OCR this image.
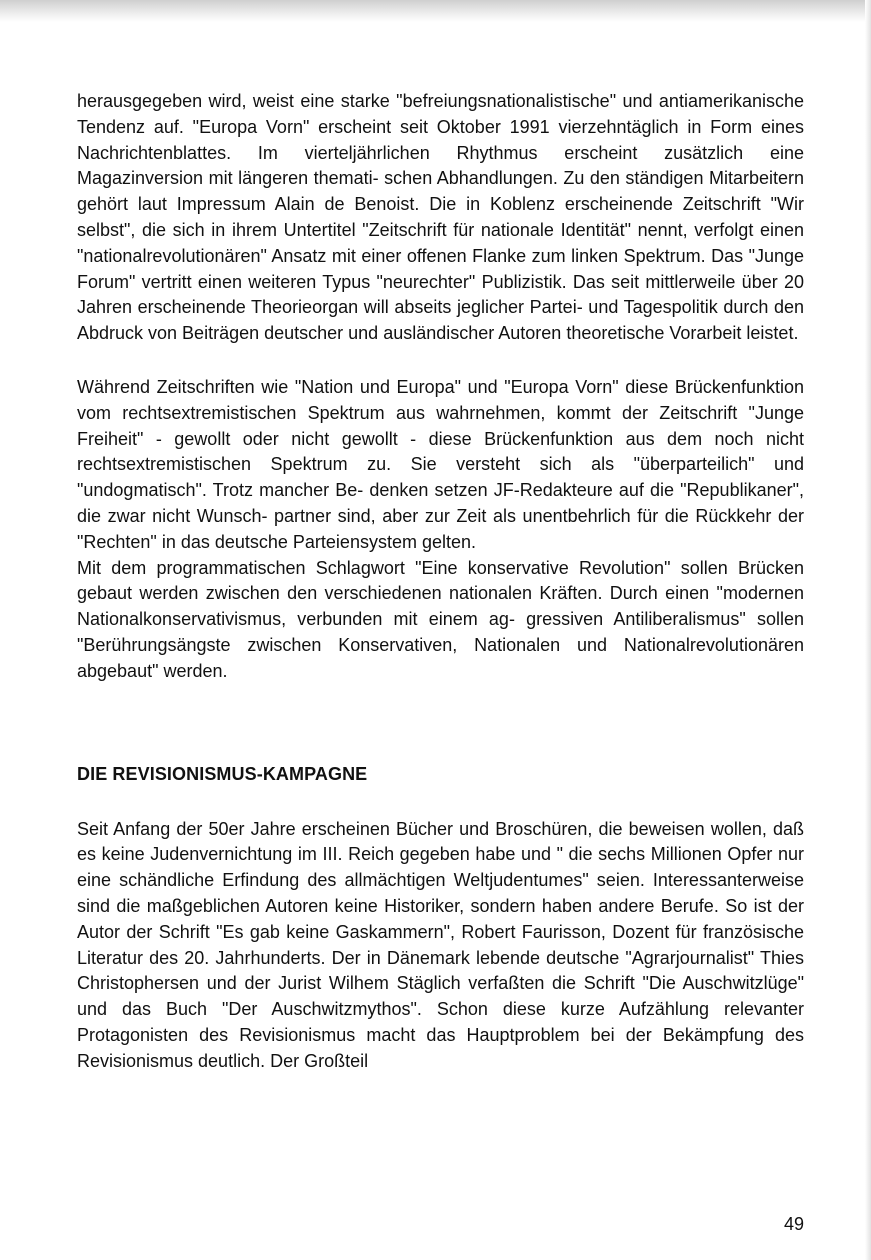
herausgegeben wird, weist eine starke "befreiungsnationalistische" und antiamerikanische Tendenz auf. "Europa Vorn" erscheint seit Oktober 1991 vierzehntäglich in Form eines Nachrichtenblattes. Im vierteljährlichen Rhythmus erscheint zusätzlich eine Magazinversion mit längeren themati- schen Abhandlungen. Zu den ständigen Mitarbeitern gehört laut Impressum Alain de Benoist. Die in Koblenz erscheinende Zeitschrift "Wir selbst", die sich in ihrem Untertitel "Zeitschrift für nationale Identität" nennt, verfolgt einen "nationalrevolutionären" Ansatz mit einer offenen Flanke zum linken Spektrum. Das "Junge Forum" vertritt einen weiteren Typus "neurechter" Publizistik. Das seit mittlerweile über 20 Jahren erscheinende Theorieorgan will abseits jeglicher Partei- und Tagespolitik durch den Abdruck von Beiträgen deutscher und ausländischer Autoren theoretische Vorarbeit leistet.

Während Zeitschriften wie "Nation und Europa" und "Europa Vorn" diese Brückenfunktion vom rechtsextremistischen Spektrum aus wahrnehmen, kommt der Zeitschrift "Junge Freiheit" - gewollt oder nicht gewollt - diese Brückenfunktion aus dem noch nicht rechtsextremistischen Spektrum zu. Sie versteht sich als "überparteilich" und "undogmatisch". Trotz mancher Be- denken setzen JF-Redakteure auf die "Republikaner", die zwar nicht Wunsch- partner sind, aber zur Zeit als unentbehrlich für die Rückkehr der "Rechten" in das deutsche Parteiensystem gelten.

Mit dem programmatischen Schlagwort "Eine konservative Revolution" sollen Brücken gebaut werden zwischen den verschiedenen nationalen Kräften. Durch einen "modernen Nationalkonservativismus, verbunden mit einem ag- gressiven Antiliberalismus" sollen "Berührungsängste zwischen Konservativen, Nationalen und Nationalrevolutionären abgebaut" werden.

DIE REVISIONISMUS-KAMPAGNE

Seit Anfang der 50er Jahre erscheinen Bücher und Broschüren, die beweisen wollen, daß es keine Judenvernichtung im III. Reich gegeben habe und " die sechs Millionen Opfer nur eine schändliche Erfindung des allmächtigen Weltjudentumes" seien. Interessanterweise sind die maßgeblichen Autoren keine Historiker, sondern haben andere Berufe. So ist der Autor der Schrift "Es gab keine Gaskammern", Robert Faurisson, Dozent für französische Literatur des 20. Jahrhunderts. Der in Dänemark lebende deutsche "Agrarjournalist" Thies Christophersen und der Jurist Wilhem Stäglich verfaßten die Schrift "Die Auschwitzlüge" und das Buch "Der Auschwitzmythos". Schon diese kurze Aufzählung relevanter Protagonisten des Revisionismus macht das Hauptproblem bei der Bekämpfung des Revisionismus deutlich. Der Großteil

49
